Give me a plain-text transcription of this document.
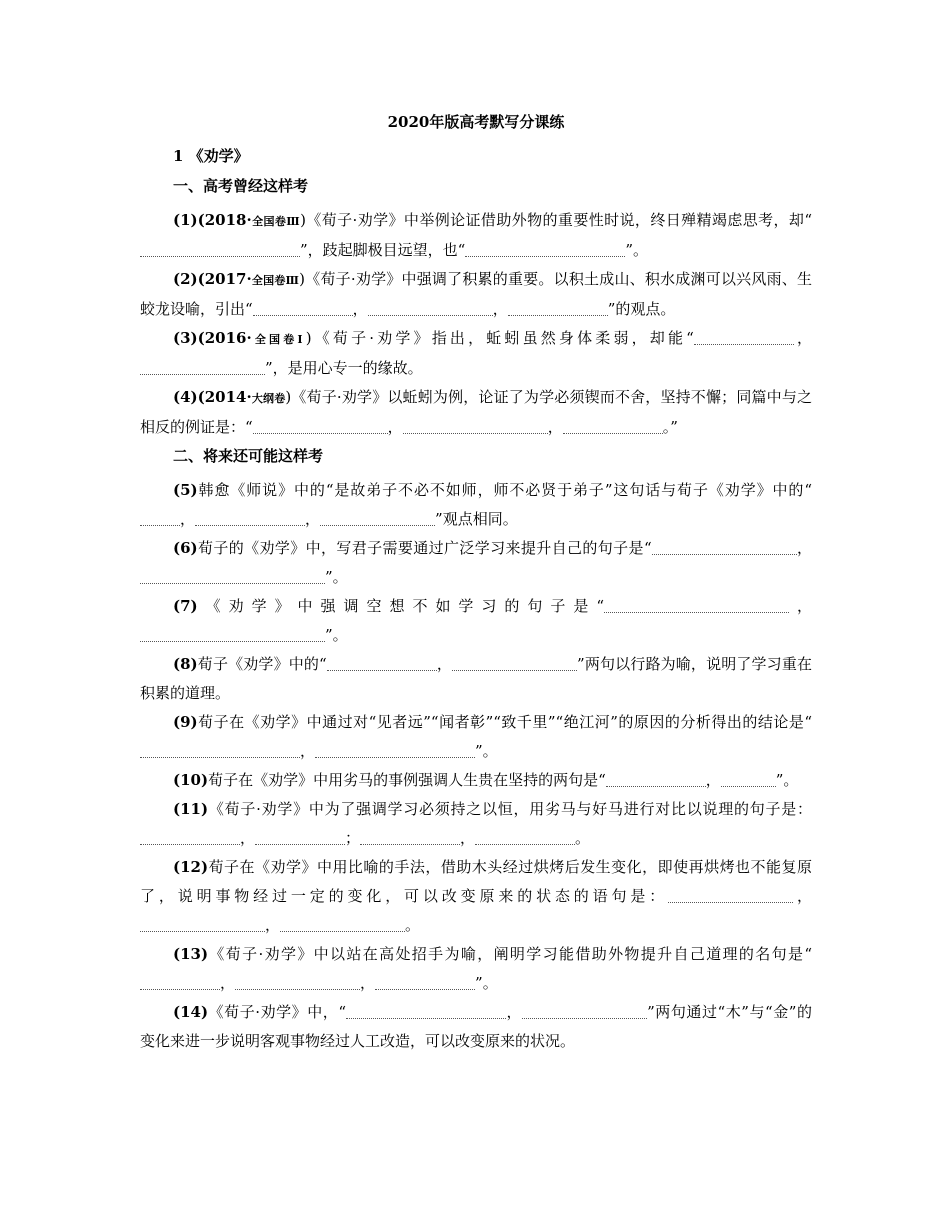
2020年版高考默写分课练

1 《劝学》

一、高考曾经这样考

(1)(2018·全国卷Ⅲ)《荀子·劝学》中举例论证借助外物的重要性时说，终日殚精竭虑思考，却“”，跂起脚极目远望，也“	”。

(2)(2017·全国卷Ⅲ)《荀子·劝学》中强调了积累的重要。以积土成山、积水成渊可以兴风雨、生蛟龙设喻，引出“	，	，	”的观点。

(3)(2016·全国卷Ⅰ)《荀子·劝学》指出，蚯蚓虽然身体柔弱，却能“	，”，是用心专一的缘故。

(4)(2014·大纲卷)《荀子·劝学》以蚯蚓为例，论证了为学必须锲而不舍，坚持不懈；同篇中与之相反的例证是：“	，	，	。”

二、将来还可能这样考

(5)韩愈《师说》中的“是故弟子不必不如师，师不必贤于弟子”这句话与荀子《劝学》中的“，	，	”观点相同。

(6)荀子的《劝学》中，写君子需要通过广泛学习来提升自己的句子是“	，”。

(7)《劝学》中强调空想不如学习的句子是“	，”。

(8)荀子《劝学》中的“	，	”两句以行路为喻，说明了学习重在积累的道理。

(9)荀子在《劝学》中通过对“见者远”“闻者彰”“致千里”“绝江河”的原因的分析得出的结论是“，	”。

(10)荀子在《劝学》中用劣马的事例强调人生贵在坚持的两句是“	，	”。

(11)《荀子·劝学》中为了强调学习必须持之以恒，用劣马与好马进行对比以说理的句子是：，	；	，	。

(12)荀子在《劝学》中用比喻的手法，借助木头经过烘烤后发生变化，即使再烘烤也不能复原了，说明事物经过一定的变化，可以改变原来的状态的语句是：	，，	。

(13)《荀子·劝学》中以站在高处招手为喻，阐明学习能借助外物提升自己道理的名句是“，	，	”。

(14)《荀子·劝学》中，“	，	”两句通过“木”与“金”的变化来进一步说明客观事物经过人工改造，可以改变原来的状况。
